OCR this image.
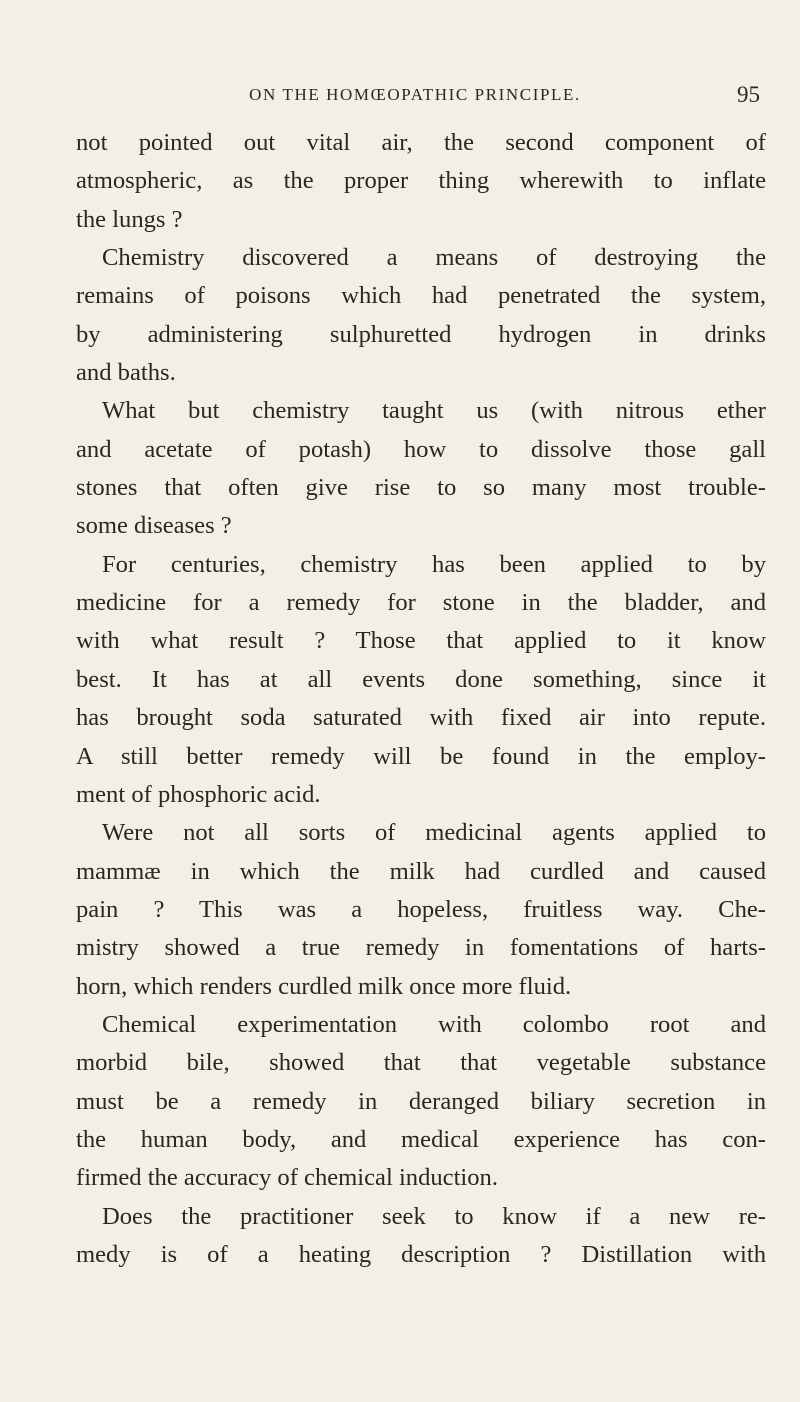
ON THE HOMŒOPATHIC PRINCIPLE.	95
not pointed out vital air, the second component of
atmospheric, as the proper thing wherewith to inflate
the lungs ?
Chemistry discovered a means of destroying the
remains of poisons which had penetrated the system,
by administering sulphuretted hydrogen in drinks
and baths.
What but chemistry taught us (with nitrous ether
and acetate of potash) how to dissolve those gall
stones that often give rise to so many most trouble-
some diseases ?
For centuries, chemistry has been applied to by
medicine for a remedy for stone in the bladder, and
with what result ? Those that applied to it know
best. It has at all events done something, since it
has brought soda saturated with fixed air into repute.
A still better remedy will be found in the employ-
ment of phosphoric acid.
Were not all sorts of medicinal agents applied to
mammæ in which the milk had curdled and caused
pain ? This was a hopeless, fruitless way. Che-
mistry showed a true remedy in fomentations of harts-
horn, which renders curdled milk once more fluid.
Chemical experimentation with colombo root and
morbid bile, showed that that vegetable substance
must be a remedy in deranged biliary secretion in
the human body, and medical experience has con-
firmed the accuracy of chemical induction.
Does the practitioner seek to know if a new re-
medy is of a heating description ? Distillation with
